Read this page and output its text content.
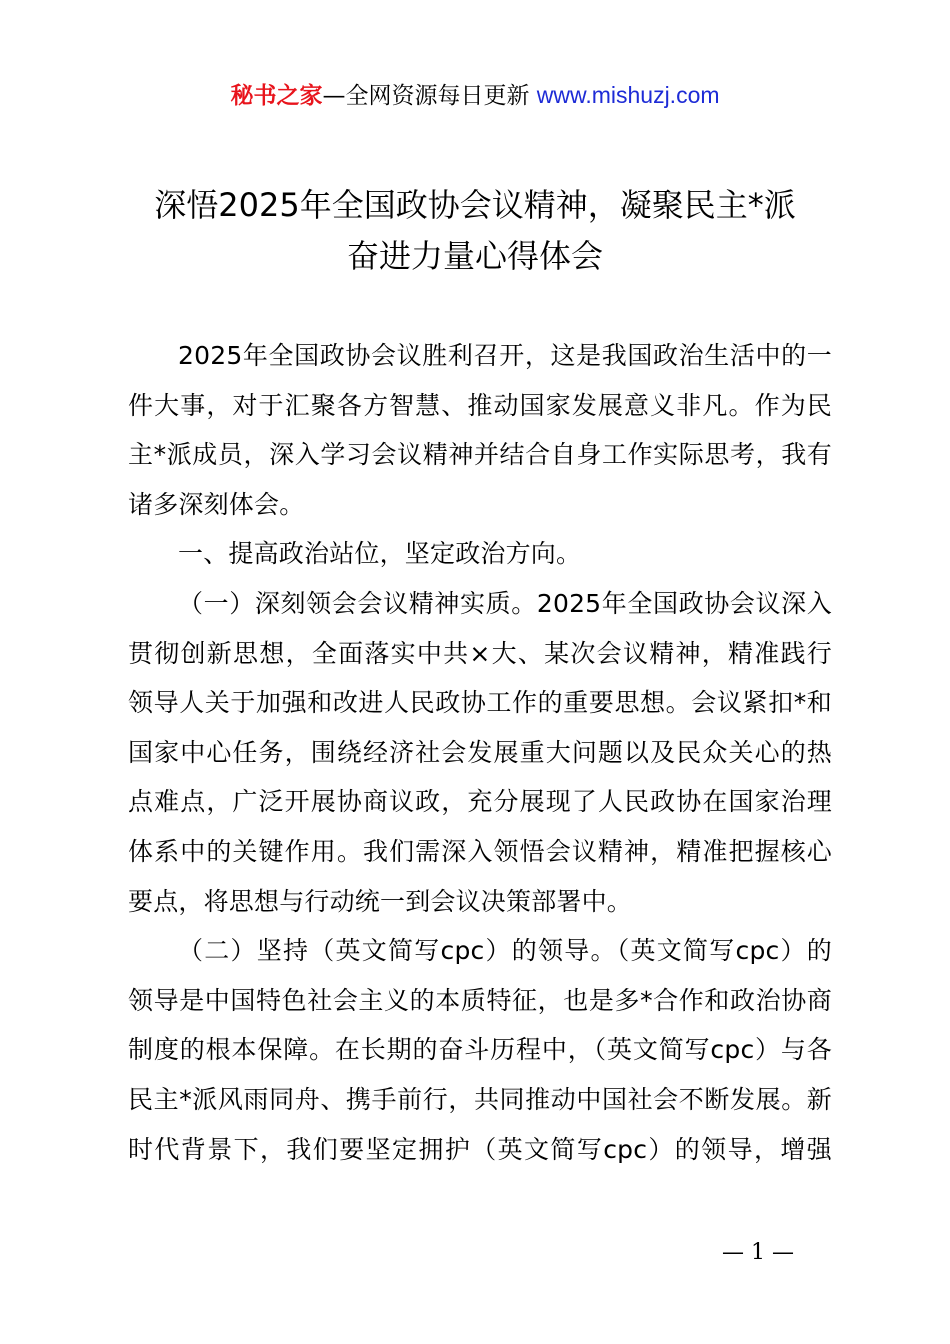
秘书之家—全网资源每日更新 www.mishuzj.com
深悟2025年全国政协会议精神，凝聚民主*派
奋进力量心得体会
2025年全国政协会议胜利召开，这是我国政治生活中的一
件大事，对于汇聚各方智慧、推动国家发展意义非凡。作为民
主*派成员，深入学习会议精神并结合自身工作实际思考，我有
诸多深刻体会。
一、提高政治站位，坚定政治方向。
（一）深刻领会会议精神实质。2025年全国政协会议深入
贯彻创新思想，全面落实中共×大、某次会议精神，精准践行
领导人关于加强和改进人民政协工作的重要思想。会议紧扣*和
国家中心任务，围绕经济社会发展重大问题以及民众关心的热
点难点，广泛开展协商议政，充分展现了人民政协在国家治理
体系中的关键作用。我们需深入领悟会议精神，精准把握核心
要点，将思想与行动统一到会议决策部署中。
（二）坚持（英文简写cpc）的领导。（英文简写cpc）的
领导是中国特色社会主义的本质特征，也是多*合作和政治协商
制度的根本保障。在长期的奋斗历程中，（英文简写cpc）与各
民主*派风雨同舟、携手前行，共同推动中国社会不断发展。新
时代背景下，我们要坚定拥护（英文简写cpc）的领导，增强
— 1 —
